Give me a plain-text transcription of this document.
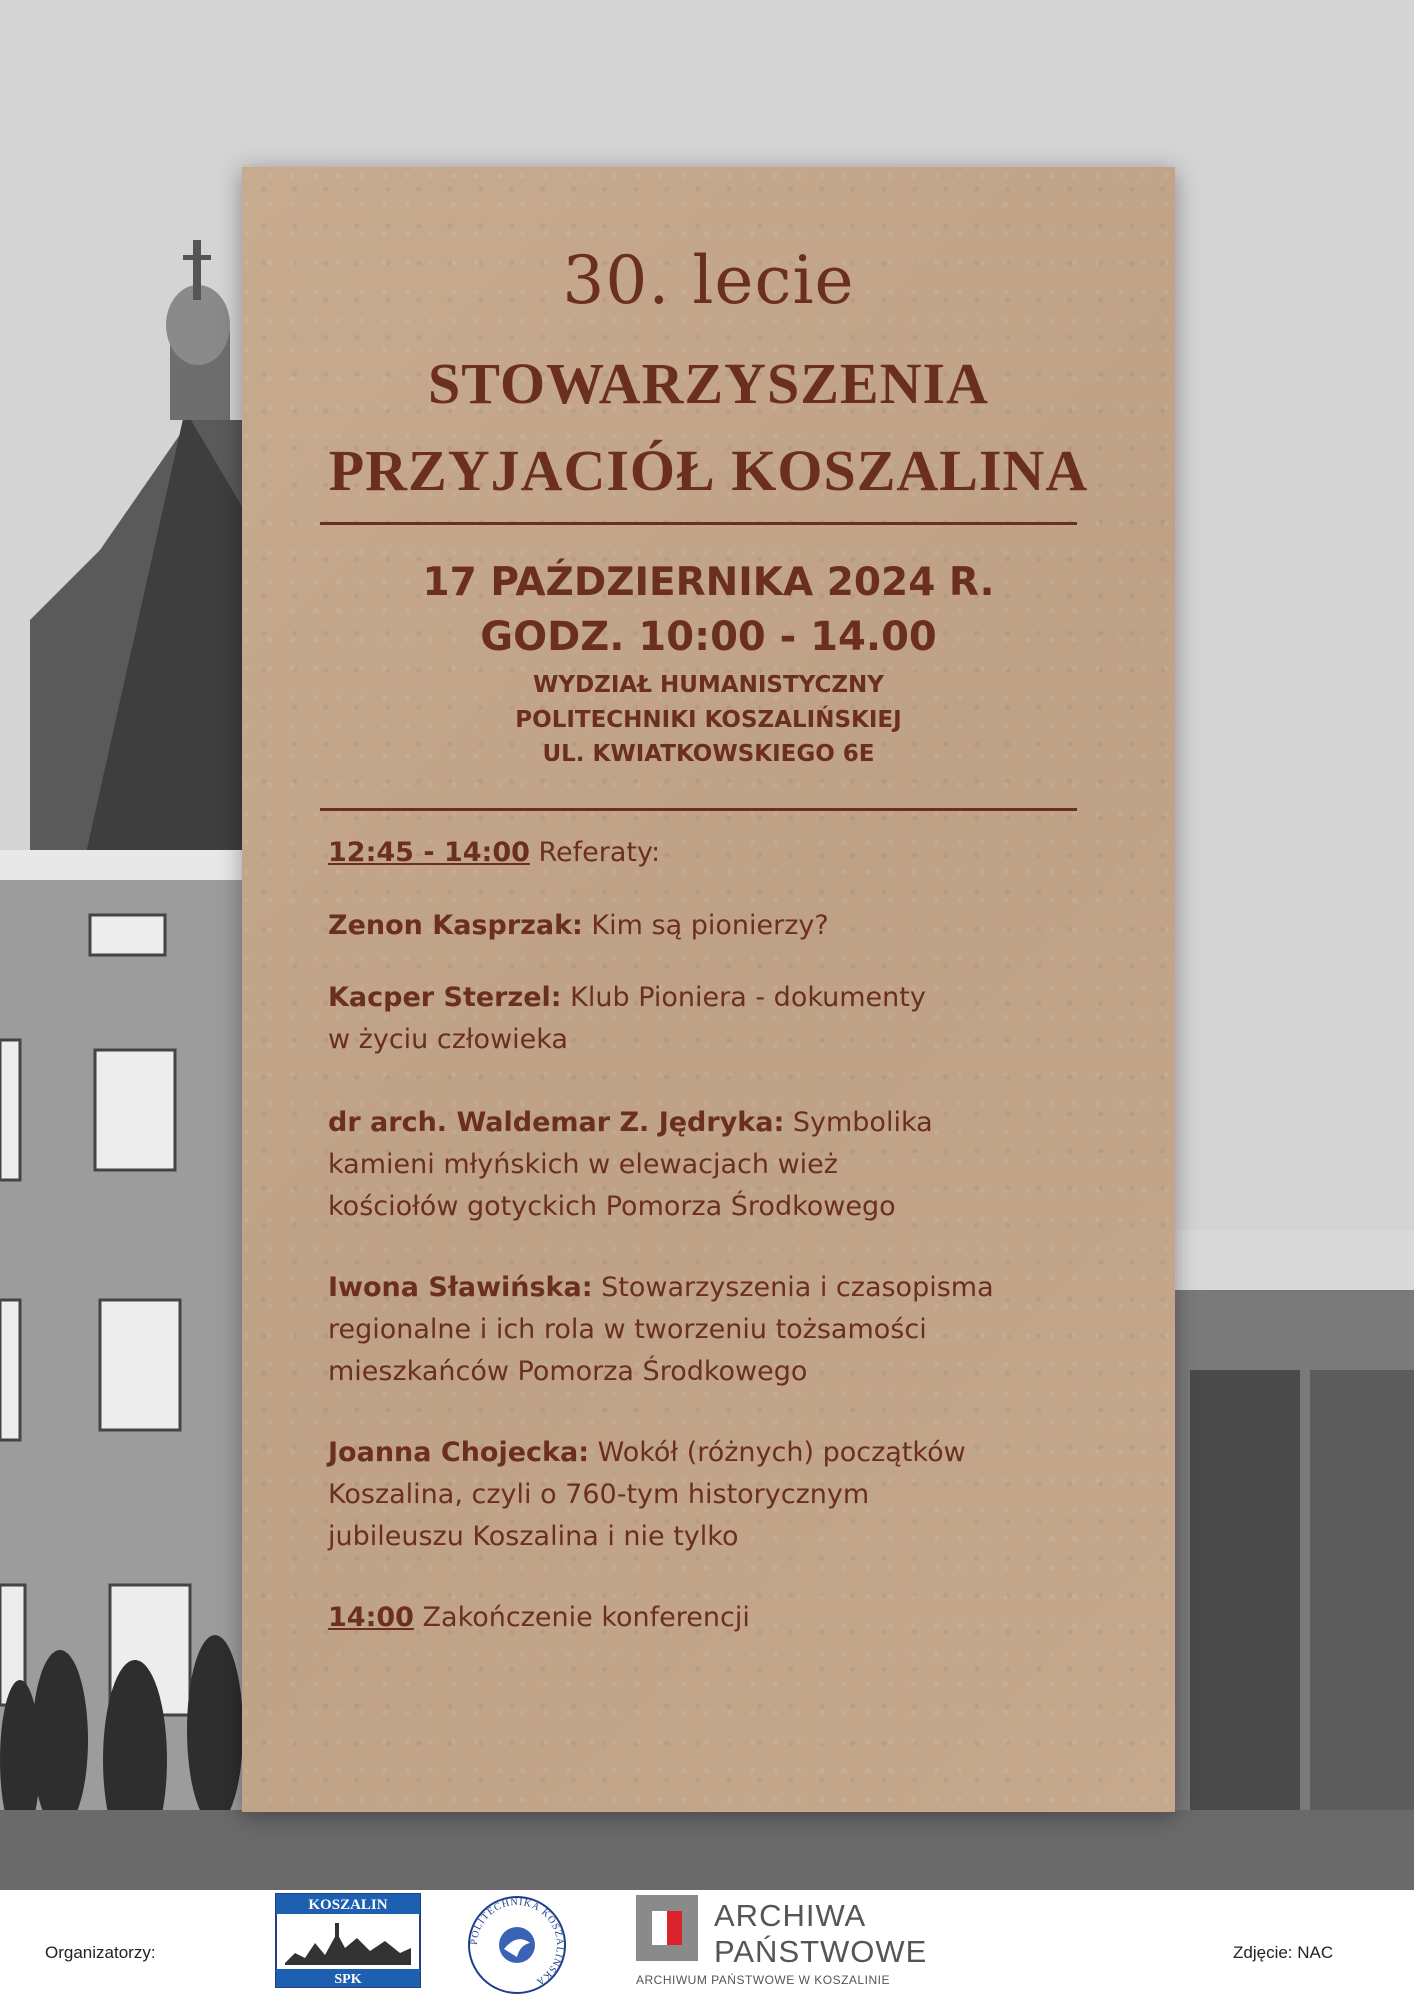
30. lecie
STOWARZYSZENIA
PRZYJACIÓŁ KOSZALINA
17 PAŹDZIERNIKA 2024 R.
GODZ. 10:00 - 14.00
WYDZIAŁ HUMANISTYCZNY
POLITECHNIKI KOSZALIŃSKIEJ
UL. KWIATKOWSKIEGO 6E
12:45 - 14:00 Referaty:
Zenon Kasprzak: Kim są pionierzy?
Kacper Sterzel: Klub Pioniera - dokumenty
w życiu człowieka
dr arch. Waldemar Z. Jędryka: Symbolika
kamieni młyńskich w elewacjach wież
kościołów gotyckich Pomorza Środkowego
Iwona Sławińska: Stowarzyszenia i czasopisma
regionalne i ich rola w tworzeniu tożsamości
mieszkańców Pomorza Środkowego
Joanna Chojecka: Wokół (różnych) początków
Koszalina, czyli o 760-tym historycznym
jubileuszu Koszalina i nie tylko
14:00 Zakończenie konferencji
Organizatorzy:	Zdjęcie: NAC
KOSZALIN
SPK
POLITECHNIKA KOSZALIŃSKA
ARCHIWA
PAŃSTWOWE
ARCHIWUM PAŃSTWOWE W KOSZALINIE
